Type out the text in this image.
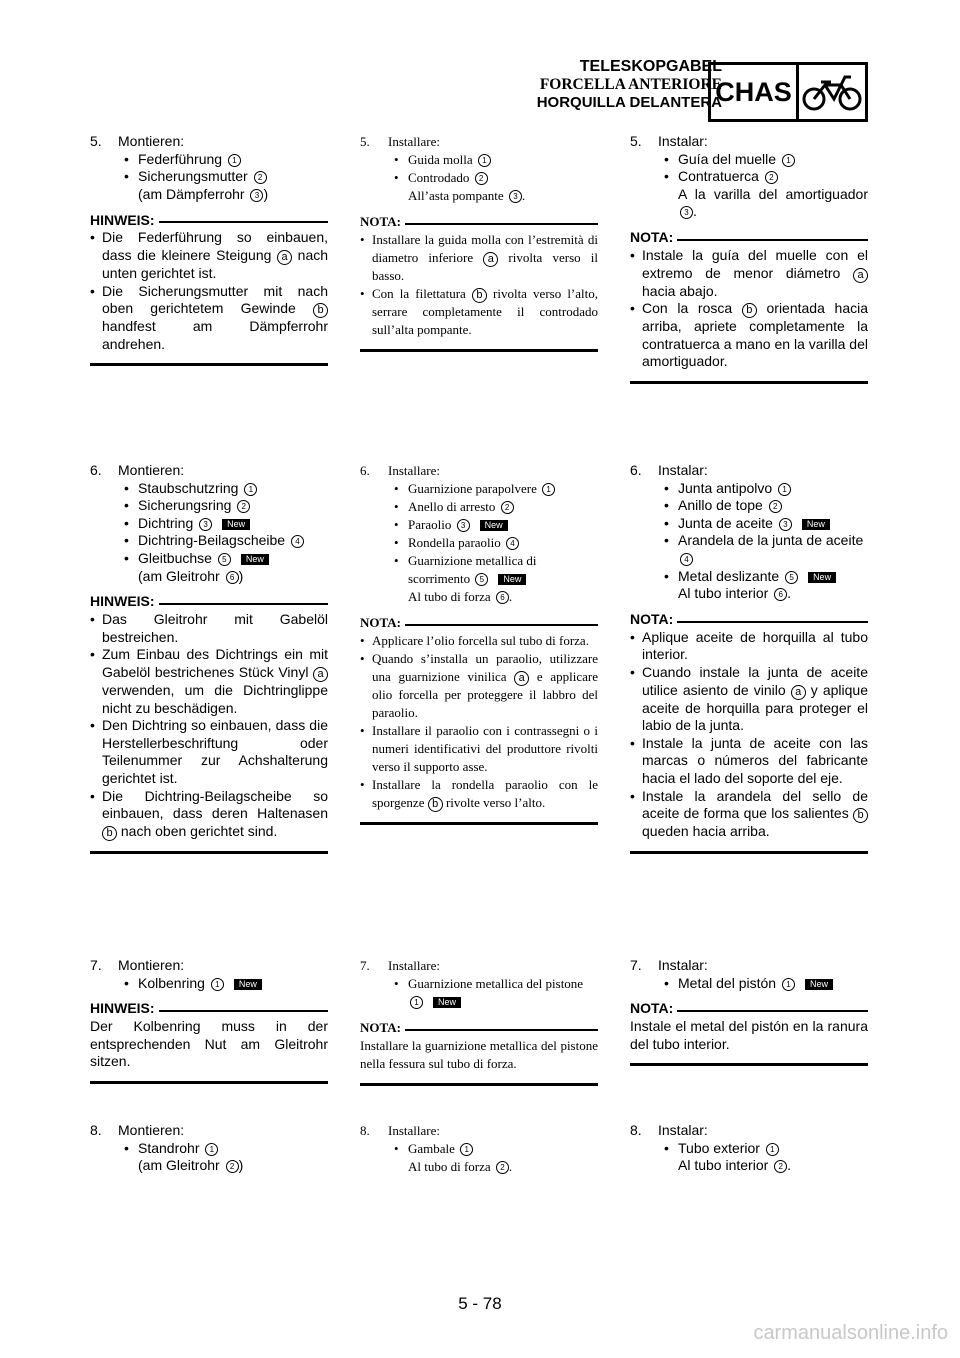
TELESKOPGABEL
FORCELLA ANTERIORE
HORQUILLA DELANTERA
CHAS
5.	Montieren:
• Federführung 1
• Sicherungsmutter 2
(am Dämpferrohr 3 )
HINWEIS:
• Die Federführung so einbauen, dass die kleinere Steigung a nach unten gerichtet ist.
• Die Sicherungsmutter mit nach oben gerichtetem Gewinde b handfest am Dämpferrohr andrehen.
6.	Montieren:
• Staubschutzring 1
• Sicherungsring 2
• Dichtring 3 New
• Dichtring-Beilagscheibe 4
• Gleitbuchse 5 New
(am Gleitrohr 6 )
HINWEIS:
• Das Gleitrohr mit Gabelöl bestreichen.
• Zum Einbau des Dichtrings ein mit Gabelöl bestrichenes Stück Vinyl a verwenden, um die Dichtringlippe nicht zu beschädigen.
• Den Dichtring so einbauen, dass die Herstellerbeschriftung oder Teilenummer zur Achshalterung gerichtet ist.
• Die Dichtring-Beilagscheibe so einbauen, dass deren Haltenasen b nach oben gerichtet sind.
7.	Montieren:
• Kolbenring 1 New
HINWEIS:
Der Kolbenring muss in der entsprechenden Nut am Gleitrohr sitzen.
8.	Montieren:
• Standrohr 1
(am Gleitrohr 2 )
5.	Installare:
• Guida molla 1
• Controdado 2
All’asta pompante 3 .
NOTA:
• Installare la guida molla con l’estremità di diametro inferiore a rivolta verso il basso.
• Con la filettatura b rivolta verso l’alto, serrare completamente il controdado sull’alta pompante.
6.	Installare:
• Guarnizione parapolvere 1
• Anello di arresto 2
• Paraolio 3 New
• Rondella paraolio 4
• Guarnizione metallica di scorrimento 5 New
Al tubo di forza 6 .
NOTA:
• Applicare l’olio forcella sul tubo di forza.
• Quando s’installa un paraolio, utilizzare una guarnizione vinilica a e applicare olio forcella per proteggere il labbro del paraolio.
• Installare il paraolio con i contrassegni o i numeri identificativi del produttore rivolti verso il supporto asse.
• Installare la rondella paraolio con le sporgenze b rivolte verso l’alto.
7.	Installare:
• Guarnizione metallica del pistone
1 New
NOTA:
Installare la guarnizione metallica del pistone nella fessura sul tubo di forza.
8.	Installare:
• Gambale 1
Al tubo di forza 2 .
5.	Instalar:
• Guía del muelle 1
• Contratuerca 2
A la varilla del amortiguador 3 .
NOTA:
• Instale la guía del muelle con el extremo de menor diámetro a hacia abajo.
• Con la rosca b orientada hacia arriba, apriete completamente la contratuerca a mano en la varilla del amortiguador.
6.	Instalar:
• Junta antipolvo 1
• Anillo de tope 2
• Junta de aceite 3 New
• Arandela de la junta de aceite 4
• Metal deslizante 5 New
Al tubo interior 6 .
NOTA:
• Aplique aceite de horquilla al tubo interior.
• Cuando instale la junta de aceite utilice asiento de vinilo a y aplique aceite de horquilla para proteger el labio de la junta.
• Instale la junta de aceite con las marcas o números del fabricante hacia el lado del soporte del eje.
• Instale la arandela del sello de aceite de forma que los salientes b queden hacia arriba.
7.	Instalar:
• Metal del pistón 1 New
NOTA:
Instale el metal del pistón en la ranura del tubo interior.
8.	Instalar:
• Tubo exterior 1
Al tubo interior 2 .
5 - 78
carmanualsonline.info
